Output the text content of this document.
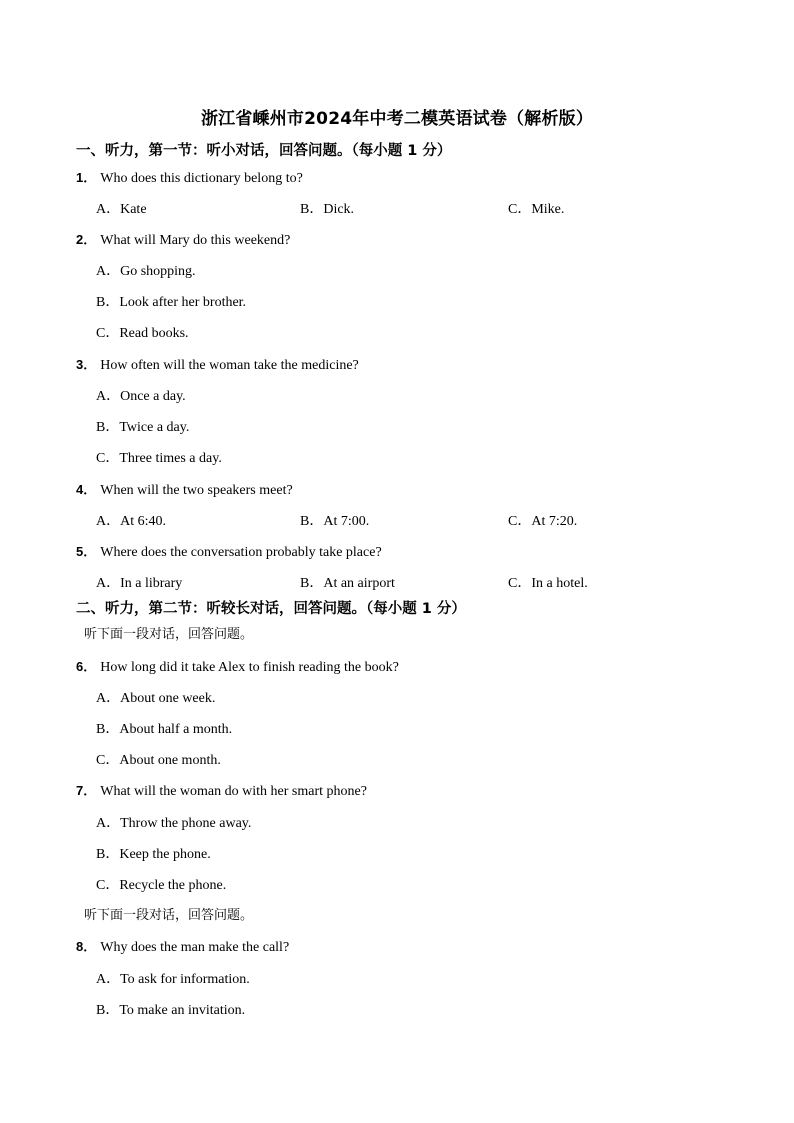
浙江省嵊州市2024年中考二模英语试卷（解析版）
一、听力，第一节：听小对话，回答问题。（每小题 1 分）
1． Who does this dictionary belong to?
A．Kate	B．Dick.	C．Mike.
2． What will Mary do this weekend?
A．Go shopping.
B．Look after her brother.
C．Read books.
3． How often will the woman take the medicine?
A．Once a day.
B．Twice a day.
C．Three times a day.
4． When will the two speakers meet?
A．At 6:40.	B．At 7:00.	C．At 7:20.
5． Where does the conversation probably take place?
A．In a library	B．At an airport	C．In a hotel.
二、听力，第二节：听较长对话，回答问题。（每小题 1 分）
听下面一段对话，回答问题。
6． How long did it take Alex to finish reading the book?
A．About one week.
B．About half a month.
C．About one month.
7． What will the woman do with her smart phone?
A．Throw the phone away.
B．Keep the phone.
C．Recycle the phone.
听下面一段对话，回答问题。
8． Why does the man make the call?
A．To ask for information.
B．To make an invitation.
